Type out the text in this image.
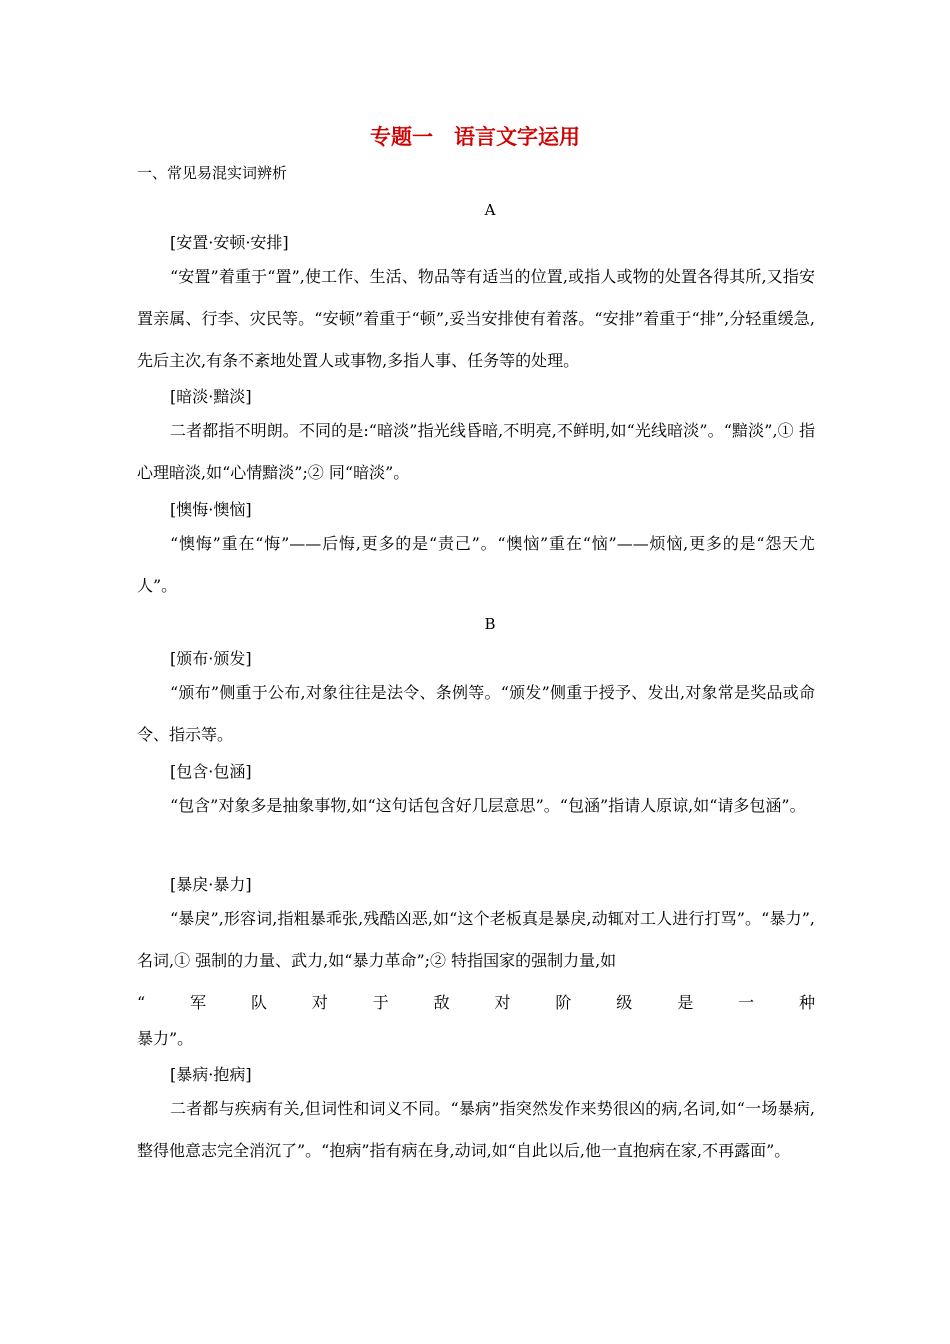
专题一　语言文字运用
一、常见易混实词辨析
A
[安置·安顿·安排]
“安置”着重于“置”,使工作、生活、物品等有适当的位置,或指人或物的处置各得其所,又指安置亲属、行李、灾民等。“安顿”着重于“顿”,妥当安排使有着落。“安排”着重于“排”,分轻重缓急,先后主次,有条不紊地处置人或事物,多指人事、任务等的处理。
[暗淡·黯淡]
二者都指不明朗。不同的是:“暗淡”指光线昏暗,不明亮,不鲜明,如“光线暗淡”。“黯淡”,① 指心理暗淡,如“心情黯淡”;② 同“暗淡”。
[懊悔·懊恼]
“懊悔”重在“悔”——后悔,更多的是“责己”。“懊恼”重在“恼”——烦恼,更多的是“怨天尤人”。
B
[颁布·颁发]
“颁布”侧重于公布,对象往往是法令、条例等。“颁发”侧重于授予、发出,对象常是奖品或命令、指示等。
[包含·包涵]
“包含”对象多是抽象事物,如“这句话包含好几层意思”。“包涵”指请人原谅,如“请多包涵”。
[暴戾·暴力]
“暴戾”,形容词,指粗暴乖张,残酷凶恶,如“这个老板真是暴戾,动辄对工人进行打骂”。“暴力”,名词,① 强制的力量、武力,如“暴力革命”;② 特指国家的强制力量,如
“	军	队	对	于	敌	对	阶	级	是	一	种
暴力”。
[暴病·抱病]
二者都与疾病有关,但词性和词义不同。“暴病”指突然发作来势很凶的病,名词,如“一场暴病,整得他意志完全消沉了”。“抱病”指有病在身,动词,如“自此以后,他一直抱病在家,不再露面”。
